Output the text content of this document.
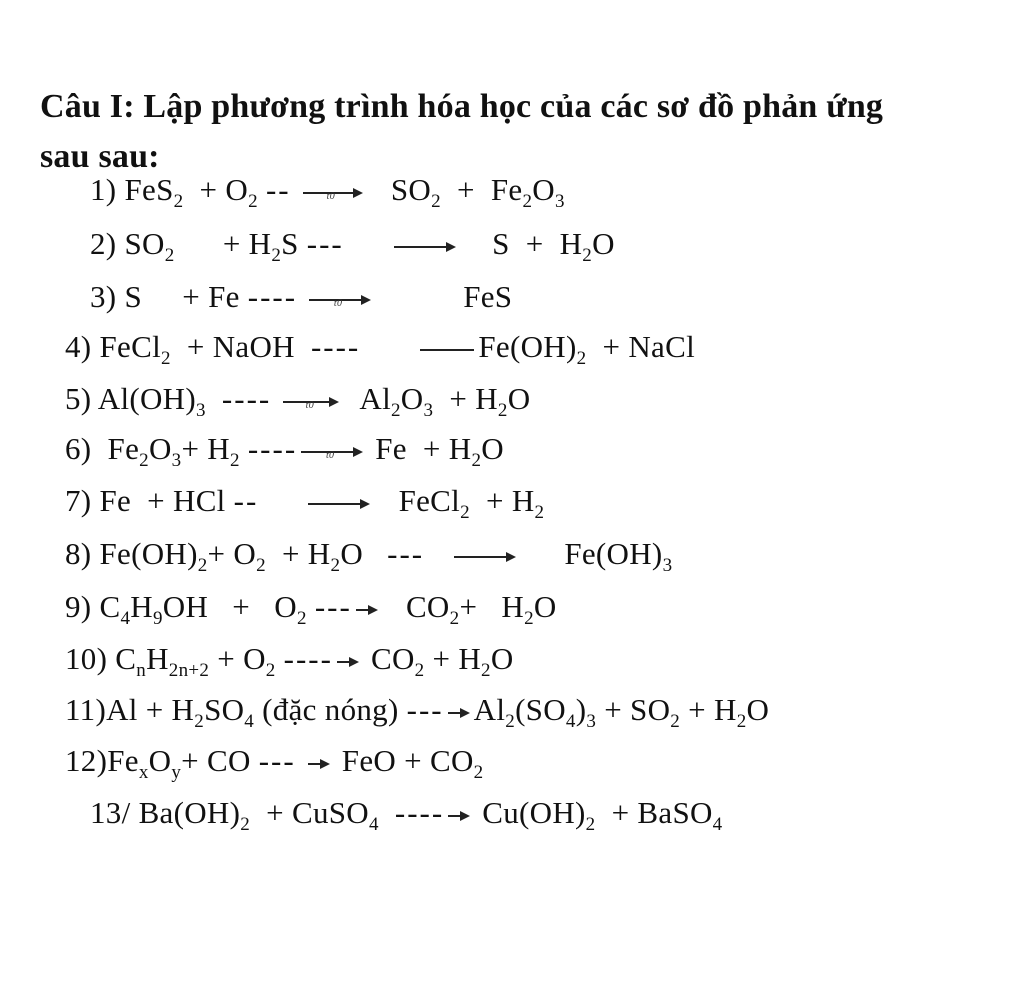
Câu I: Lập phương trình hóa học của các sơ đồ phản ứng
sau sau:
1) $FeS_2 + O_2$ --	t0 $SO_2 + Fe_2O_3$
2) $SO_2$      + $H_2S$ ---	$S + H_2O$
3) S     + Fe ----	t0	FeS
4) FeCl$_2$  + NaOH  ----	$Fe(OH)_2$  + NaCl
5) $Al(OH)_3$ ----	t0 $Al_2O_3 + H_2O$
6)  $Fe_2O_3+ H_2$ ----	t0 $Fe + H_2O$
7) Fe  + HCl --	FeCl$_2$  + $H_2$
8) $Fe(OH)_2+ O_2 + H_2O$   ---	$Fe(OH)_3$
9) $C_4H_9OH + O_2$ ---
$CO_2+ H_2O$
10) $C_nH_{2n+2} + O_2$ ----
$CO_2 + H_2O$
$11)Al + H_2SO_4$ (đặc nóng) --- $Al_2(SO_4)_3 + SO_2 + H_2O$
$12)Fe_xO_y+$ CO ---
FeO + $CO_2$
13/ $Ba(OH)_2$  + CuSO$_4$ ----
$Cu(OH)_2$  + BaSO$_4$
